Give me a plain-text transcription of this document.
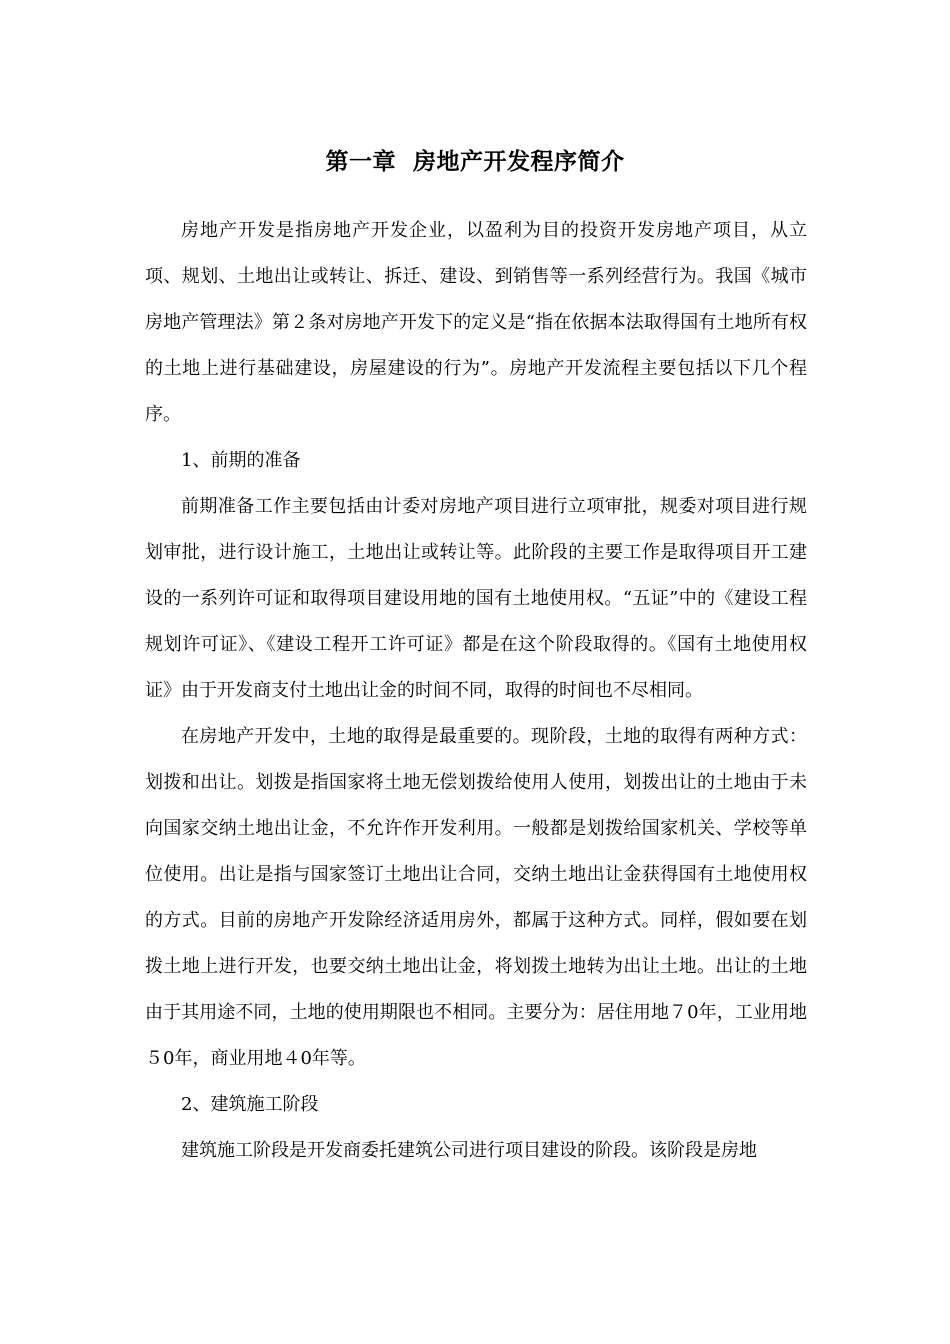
第一章  房地产开发程序简介

房地产开发是指房地产开发企业，以盈利为目的投资开发房地产项目，从立项、规划、土地出让或转让、拆迁、建设、到销售等一系列经营行为。我国《城市房地产管理法》第２条对房地产开发下的定义是“指在依据本法取得国有土地所有权的土地上进行基础建设，房屋建设的行为”。房地产开发流程主要包括以下几个程序。

1、前期的准备

前期准备工作主要包括由计委对房地产项目进行立项审批，规委对项目进行规划审批，进行设计施工，土地出让或转让等。此阶段的主要工作是取得项目开工建设的一系列许可证和取得项目建设用地的国有土地使用权。“五证”中的《建设工程规划许可证》、《建设工程开工许可证》都是在这个阶段取得的。《国有土地使用权证》由于开发商支付土地出让金的时间不同，取得的时间也不尽相同。

在房地产开发中，土地的取得是最重要的。现阶段，土地的取得有两种方式：划拨和出让。划拨是指国家将土地无偿划拨给使用人使用，划拨出让的土地由于未向国家交纳土地出让金，不允许作开发利用。一般都是划拨给国家机关、学校等单位使用。出让是指与国家签订土地出让合同，交纳土地出让金获得国有土地使用权的方式。目前的房地产开发除经济适用房外，都属于这种方式。同样，假如要在划拨土地上进行开发，也要交纳土地出让金，将划拨土地转为出让土地。出让的土地由于其用途不同，土地的使用期限也不相同。主要分为：居住用地７0年，工业用地５0年，商业用地４0年等。

2、建筑施工阶段

建筑施工阶段是开发商委托建筑公司进行项目建设的阶段。该阶段是房地
